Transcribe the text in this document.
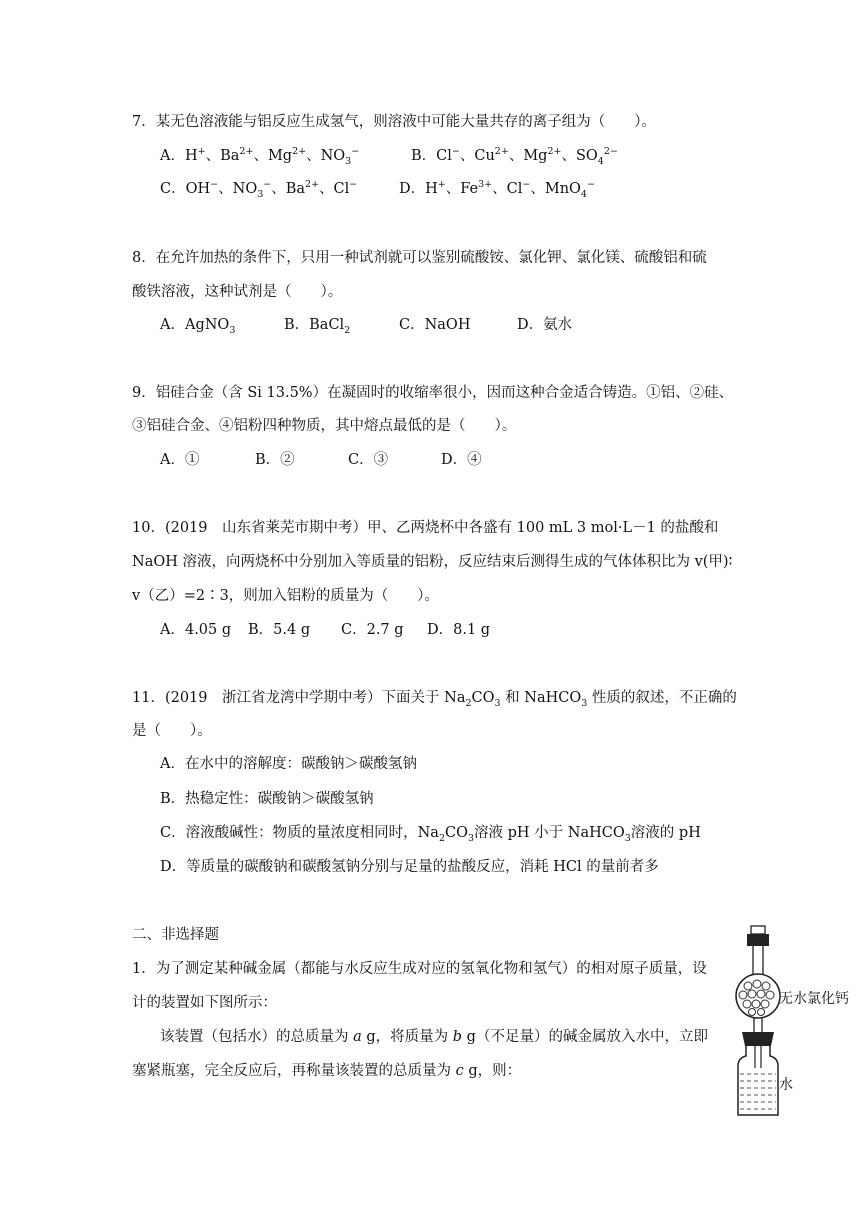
7．某无色溶液能与铝反应生成氢气，则溶液中可能大量共存的离子组为（　　）。
A．H+、$Ba^{2+}$、$Mg^{2+}$、$NO_3^-$	B．Cl−、$Cu^{2+}$、$Mg^{2+}$、$SO_4^{2-}$
C．OH−、$NO_3^-$、$Ba^{2+}$、Cl−	D．H+、$Fe^{3+}$、Cl−、MnO$_4$−
8．在允许加热的条件下，只用一种试剂就可以鉴别硫酸铵、氯化钾、氯化镁、硫酸铝和硫
酸铁溶液，这种试剂是（　　）。
A．AgNO$_3$	B．BaCl$_2$	C．NaOH	D．氨水
9．铝硅合金（含 Si 13.5%）在凝固时的收缩率很小，因而这种合金适合铸造。①铝、②硅、
③铝硅合金、④铝粉四种物质，其中熔点最低的是（　　）。
A．①	B．②	C．③	D．④
10．(2019　山东省莱芜市期中考）甲、乙两烧杯中各盛有 100 mL 3 mol·L－1 的盐酸和
NaOH 溶液，向两烧杯中分别加入等质量的铝粉，反应结束后测得生成的气体体积比为 v(甲)∶
v（乙）=2∶3，则加入铝粉的质量为（　　）。
A．4.05 g B．5.4 g C．2.7 g D．8.1 g
11．(2019　浙江省龙湾中学期中考）下面关于 $Na_2CO_3$ 和 NaHCO$_3$ 性质的叙述，不正确的
是（　　）。
A．在水中的溶解度：碳酸钠＞碳酸氢钠
B．热稳定性：碳酸钠＞碳酸氢钠
C．溶液酸碱性：物质的量浓度相同时，$Na_2CO_3$溶液 pH 小于 NaHCO$_3$溶液的 pH
D．等质量的碳酸钠和碳酸氢钠分别与足量的盐酸反应，消耗 HCl 的量前者多
二、非选择题
1．为了测定某种碱金属（都能与水反应生成对应的氢氧化物和氢气）的相对原子质量，设
计的装置如下图所示：
该装置（包括水）的总质量为 a g，将质量为 b g（不足量）的碱金属放入水中，立即
塞紧瓶塞，完全反应后，再称量该装置的总质量为 c g，则：
无水氯化钙
水
